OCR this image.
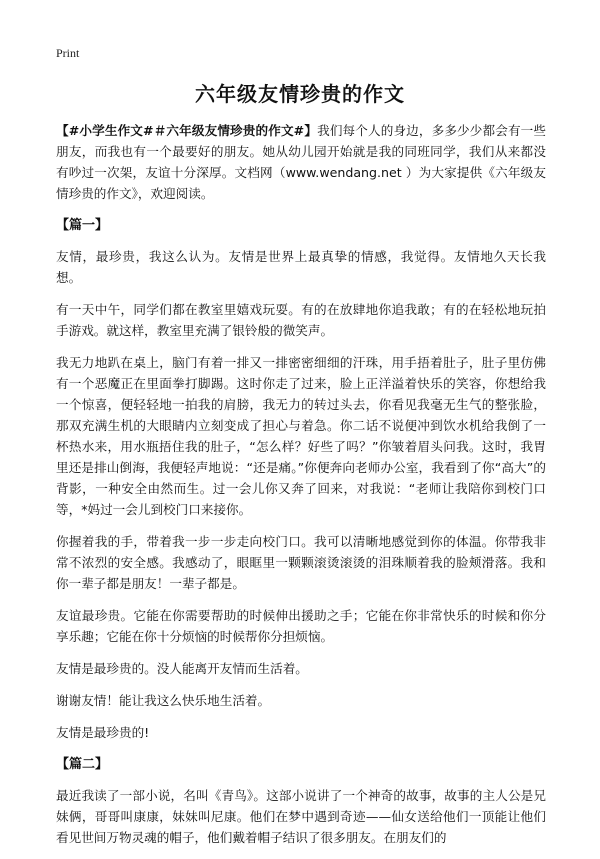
Print
六年级友情珍贵的作文

【#小学生作文#＃六年级友情珍贵的作文#】我们每个人的身边，多多少少都会有一些朋友，而我也有一个最要好的朋友。她从幼儿园开始就是我的同班同学，我们从来都没有吵过一次架，友谊十分深厚。文档网（www.wendang.net ）为大家提供《六年级友情珍贵的作文》，欢迎阅读。

【篇一】

友情，最珍贵，我这么认为。友情是世界上最真挚的情感，我觉得。友情地久天长我想。

有一天中午，同学们都在教室里嬉戏玩耍。有的在放肆地你追我敢；有的在轻松地玩拍手游戏。就这样，教室里充满了银铃般的微笑声。

我无力地趴在桌上，脑门有着一排又一排密密细细的汗珠，用手捂着肚子，肚子里仿佛有一个恶魔正在里面拳打脚踢。这时你走了过来，脸上正洋溢着快乐的笑容，你想给我一个惊喜，便轻轻地一拍我的肩膀，我无力的转过头去，你看见我毫无生气的整张脸，那双充满生机的大眼睛内立刻变成了担心与着急。你二话不说便冲到饮水机给我倒了一杯热水来，用水瓶捂住我的肚子，“怎么样？好些了吗？”你皱着眉头问我。这时，我胃里还是排山倒海，我便轻声地说：“还是痛。”你便奔向老师办公室，我看到了你“高大”的背影，一种安全由然而生。过一会儿你又奔了回来，对我说：“老师让我陪你到校门口等，*妈过一会儿到校门口来接你。

你握着我的手，带着我一步一步走向校门口。我可以清晰地感觉到你的体温。你带我非常不浓烈的安全感。我感动了，眼眶里一颗颗滚烫滚烫的泪珠顺着我的脸颊滑落。我和你一辈子都是朋友！一辈子都是。

友谊最珍贵。它能在你需要帮助的时候伸出援助之手；它能在你非常快乐的时候和你分享乐趣；它能在你十分烦恼的时候帮你分担烦恼。

友情是最珍贵的。没人能离开友情而生活着。

谢谢友情！能让我这么快乐地生活着。

友情是最珍贵的!

【篇二】

最近我读了一部小说，名叫《青鸟》。这部小说讲了一个神奇的故事，故事的主人公是兄妹俩，哥哥叫康康，妹妹叫尼康。他们在梦中遇到奇迹——仙女送给他们一顶能让他们看见世间万物灵魂的帽子，他们戴着帽子结识了很多朋友。在朋友们的
